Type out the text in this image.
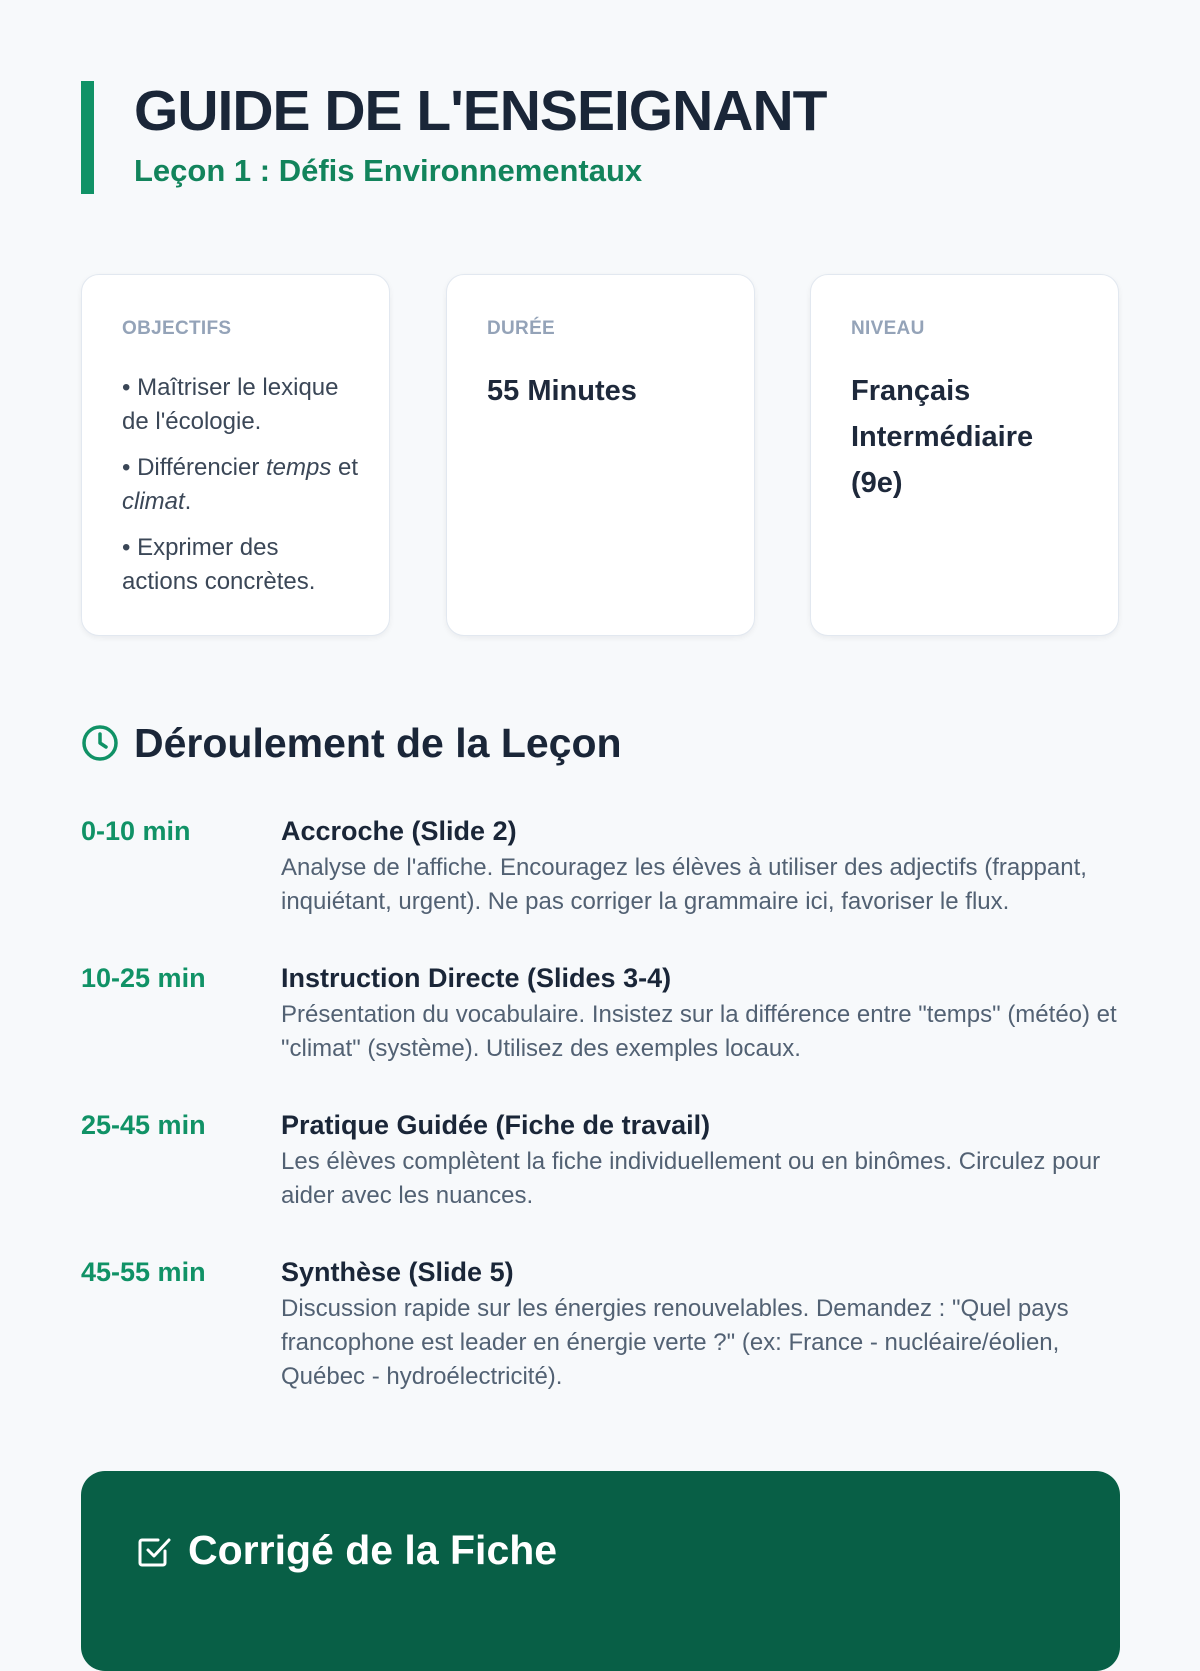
GUIDE DE L'ENSEIGNANT
Leçon 1 : Défis Environnementaux
OBJECTIFS
• Maîtriser le lexique de l'écologie.
• Différencier temps et climat.
• Exprimer des actions concrètes.
DURÉE
55 Minutes
NIVEAU
Français Intermédiaire (9e)
Déroulement de la Leçon
0-10 min	Accroche (Slide 2)

Analyse de l'affiche. Encouragez les élèves à utiliser des adjectifs (frappant, inquiétant, urgent). Ne pas corriger la grammaire ici, favoriser le flux.

10-25 min	Instruction Directe (Slides 3-4)

Présentation du vocabulaire. Insistez sur la différence entre "temps" (météo) et "climat" (système). Utilisez des exemples locaux.

25-45 min	Pratique Guidée (Fiche de travail)

Les élèves complètent la fiche individuellement ou en binômes. Circulez pour aider avec les nuances.

45-55 min	Synthèse (Slide 5)

Discussion rapide sur les énergies renouvelables. Demandez : "Quel pays francophone est leader en énergie verte ?" (ex: France - nucléaire/éolien, Québec - hydroélectricité).

Corrigé de la Fiche
